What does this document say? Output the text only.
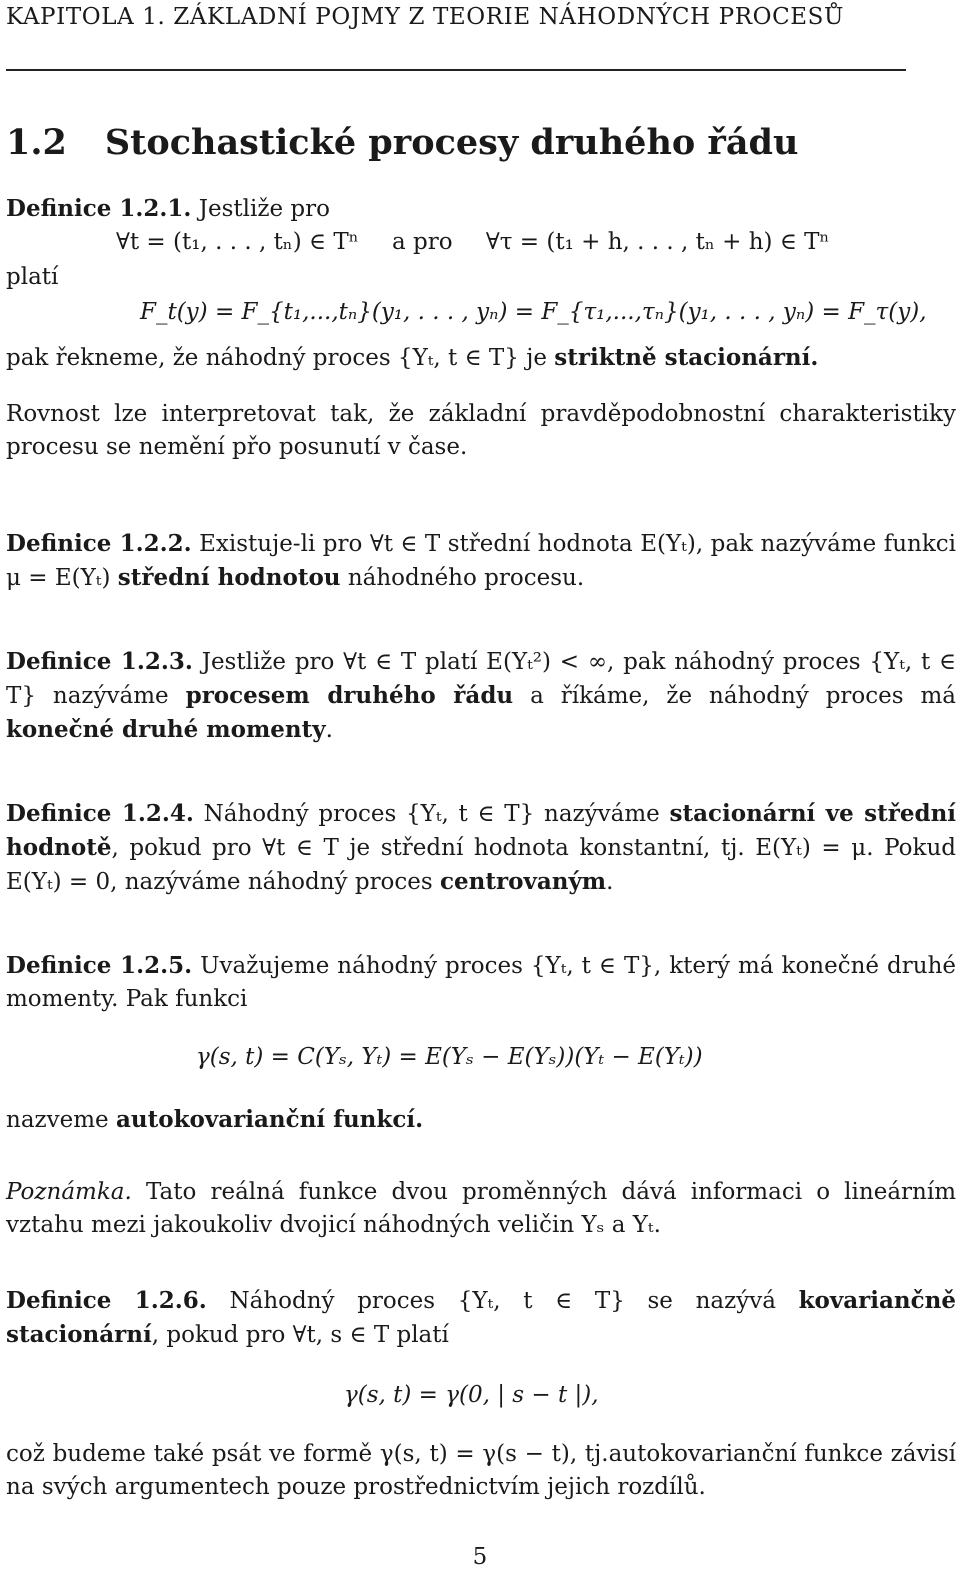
KAPITOLA 1. ZÁKLADNÍ POJMY Z TEORIE NÁHODNÝCH PROCESŮ
1.2 Stochastické procesy druhého řádu
Definice 1.2.1. Jestliže pro
∀t = (t₁, . . . , tₙ) ∈ Tⁿ a pro ∀τ = (t₁ + h, . . . , tₙ + h) ∈ Tⁿ
platí
F_t(y) = F_{t₁,...,tₙ}(y₁, . . . , yₙ) = F_{τ₁,...,τₙ}(y₁, . . . , yₙ) = F_τ(y),
pak řekneme, že náhodný proces {Yₜ, t ∈ T} je striktně stacionární.
Rovnost lze interpretovat tak, že základní pravděpodobnostní charakteristiky procesu se nemění přo posunutí v čase.
Definice 1.2.2. Existuje-li pro ∀t ∈ T střední hodnota E(Yₜ), pak nazýváme funkci μ = E(Yₜ) střední hodnotou náhodného procesu.
Definice 1.2.3. Jestliže pro ∀t ∈ T platí E(Yₜ²) < ∞, pak náhodný proces {Yₜ, t ∈ T} nazýváme procesem druhého řádu a říkáme, že náhodný proces má konečné druhé momenty.
Definice 1.2.4. Náhodný proces {Yₜ, t ∈ T} nazýváme stacionární ve střední hodnotě, pokud pro ∀t ∈ T je střední hodnota konstantní, tj. E(Yₜ) = μ. Pokud E(Yₜ) = 0, nazýváme náhodný proces centrovaným.
Definice 1.2.5. Uvažujeme náhodný proces {Yₜ, t ∈ T}, který má konečné druhé momenty. Pak funkci
γ(s, t) = C(Yₛ, Yₜ) = E(Yₛ − E(Yₛ))(Yₜ − E(Yₜ))
nazveme autokovarianční funkcí.
Poznámka. Tato reálná funkce dvou proměnných dává informaci o lineárním vztahu mezi jakoukoliv dvojicí náhodných veličin Yₛ a Yₜ.
Definice 1.2.6. Náhodný proces {Yₜ, t ∈ T} se nazývá kovariančně stacionární, pokud pro ∀t, s ∈ T platí
γ(s, t) = γ(0, | s − t |),
což budeme také psát ve formě γ(s, t) = γ(s − t), tj.autokovarianční funkce závisí na svých argumentech pouze prostřednictvím jejich rozdílů.
5
